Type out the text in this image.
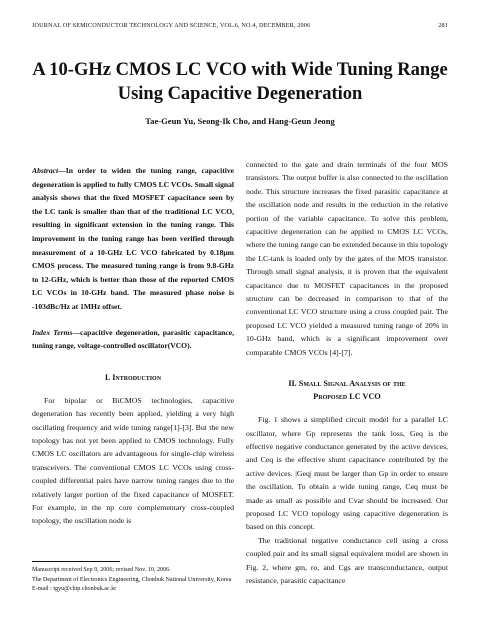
JOURNAL OF SEMICONDUCTOR TECHNOLOGY AND SCIENCE, VOL.6, NO.4, DECEMBER, 2006	281
A 10-GHz CMOS LC VCO with Wide Tuning Range
Using Capacitive Degeneration
Tae-Geun Yu, Seong-Ik Cho, and Hang-Geun Jeong

Abstract—In order to widen the tuning range, capacitive degeneration is applied to fully CMOS LC VCOs. Small signal analysis shows that the fixed MOSFET capacitance seen by the LC tank is smaller than that of the traditional LC VCO, resulting in significant extension in the tuning range. This improvement in the tuning range has been verified through measurement of a 10-GHz LC VCO fabricated by 0.18μm CMOS process. The measured tuning range is from 9.8-GHz to 12-GHz, which is better than those of the reported CMOS LC VCOs in 10-GHz band. The measured phase noise is -103dBc/Hz at 1MHz offset.

Index Terms—capacitive degeneration, parasitic capacitance, tuning range, voltage-controlled oscillator(VCO).

I. Introduction

For bipolar or BiCMOS technologies, capacitive degeneration has recently been applied, yielding a very high oscillating frequency and wide tuning range[1]-[3]. But the new topology has not yet been applied to CMOS technology. Fully CMOS LC oscillators are advantageous for single-chip wireless transceivers. The conventional CMOS LC VCOs using cross-coupled differential pairs have narrow tuning ranges due to the relatively larger portion of the fixed capacitance of MOSFET. For example, in the np core complementary cross-coupled topology, the oscillation node is

Manuscript received Sep 9, 2006; revised Nov. 10, 2006.
The Department of Electronics Engineering, Chonbuk National University, Korea
E-mail : tgyu@chip.chonbuk.ac.kr

connected to the gate and drain terminals of the four MOS transistors. The output buffer is also connected to the oscillation node. This structure increases the fixed parasitic capacitance at the oscillation node and results in the reduction in the relative portion of the variable capacitance. To solve this problem, capacitive degeneration can be applied to CMOS LC VCOs, where the tuning range can be extended because in this topology the LC-tank is loaded only by the gates of the MOS transistor. Through small signal analysis, it is proven that the equivalent capacitance due to MOSFET capacitances in the proposed structure can be decreased in comparison to that of the conventional LC VCO structure using a cross coupled pair. The proposed LC VCO yielded a measured tuning range of 20% in 10-GHz band, which is a significant improvement over comparable CMOS VCOs [4]-[7].

II. Small Signal Analysis of the
Proposed LC VCO

Fig. 1 shows a simplified circuit model for a parallel LC oscillator, where Gp represents the tank loss, Geq is the effective negative conductance generated by the active devices, and Ceq is the effective shunt capacitance contributed by the active devices. |Geq| must be larger than Gp in order to ensure the oscillation. To obtain a wide tuning range, Ceq must be made as small as possible and Cvar should be increased. Our proposed LC VCO topology using capacitive degeneration is based on this concept.

The traditional negative conductance cell using a cross coupled pair and its small signal equivalent model are shown in Fig. 2, where gm, ro, and Cgs are transconductance, output resistance, parasitic capacitance
